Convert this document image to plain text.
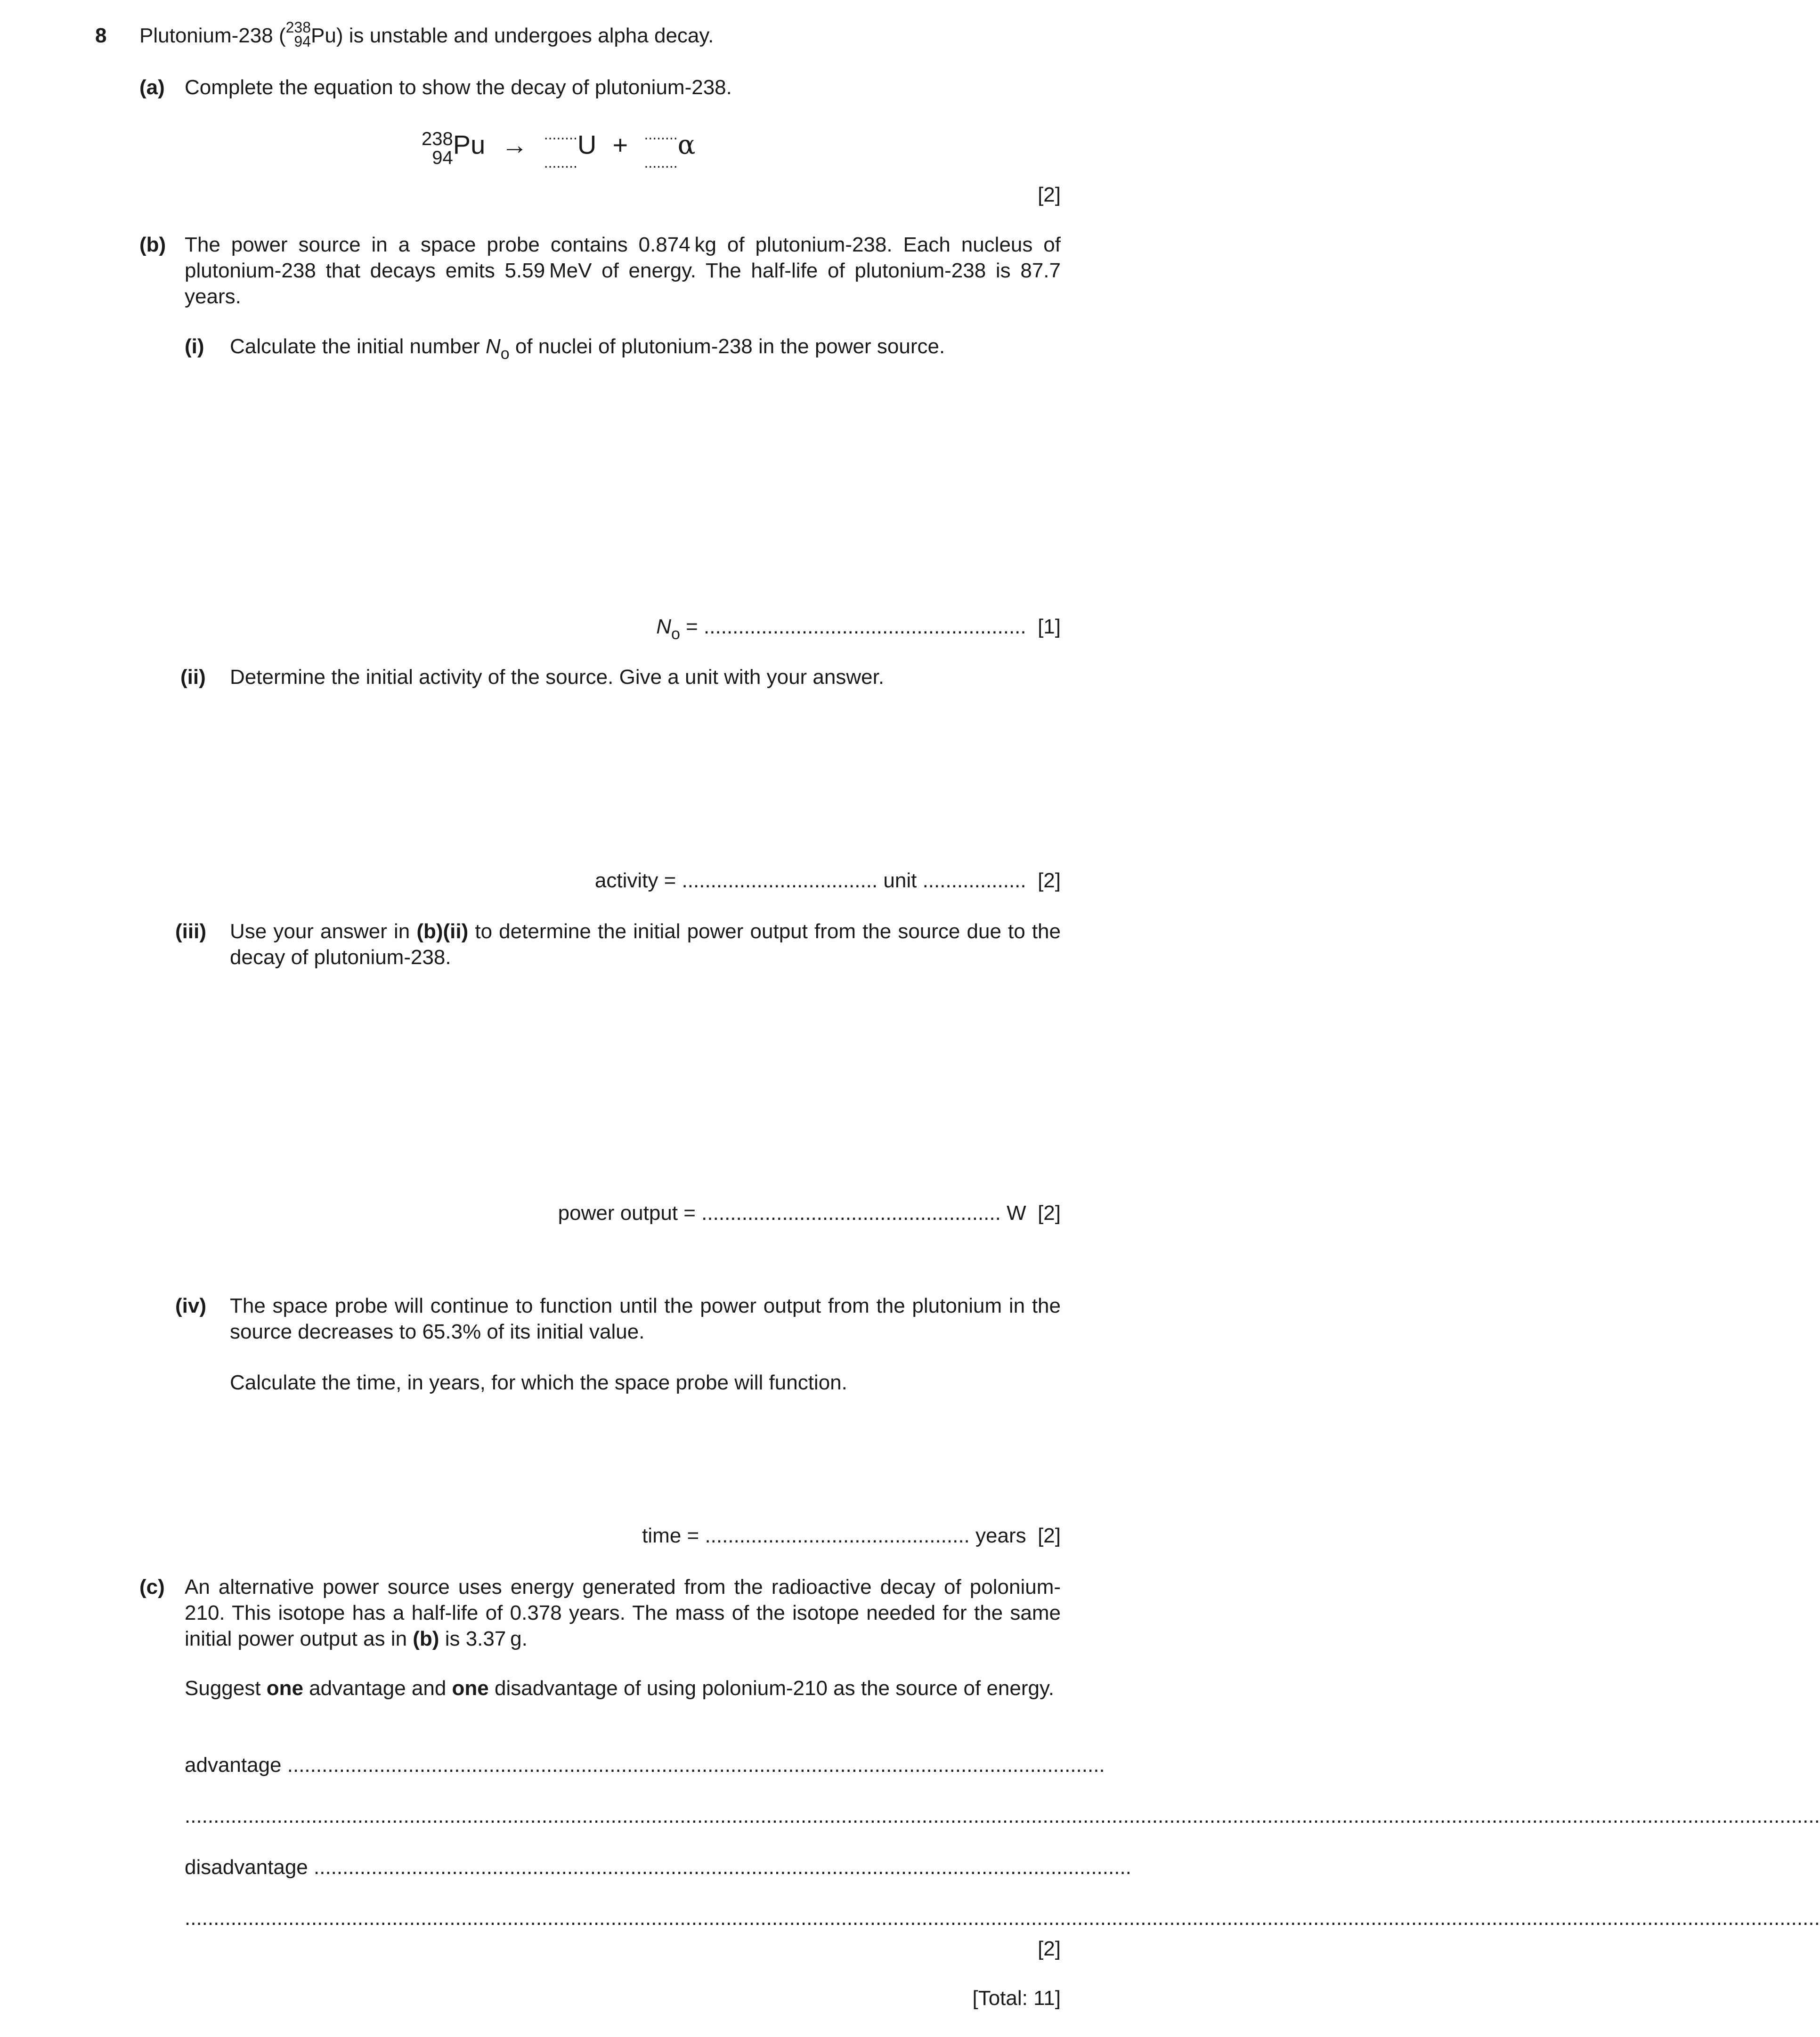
8 Plutonium-238 ( 238
94 Pu) is unstable and undergoes alpha decay.
(a) Complete the equation to show the decay of plutonium-238.
238
94 Pu → ........
........
U + ........
........
α
[2]
(b) The power source in a space probe contains 0.874 kg of plutonium-238. Each nucleus of plutonium-238 that decays emits 5.59 MeV of energy. The half-life of plutonium-238 is 87.7 years.
(i) Calculate the initial number $N_o$ of nuclei of plutonium-238 in the power source.
$N_o$ = ........................................................ [1]
(ii) Determine the initial activity of the source. Give a unit with your answer.
activity = .................................. unit .................. [2]
(iii) Use your answer in (b)(ii) to determine the initial power output from the source due to the decay of plutonium-238.
power output = .................................................... W [2]
(iv) The space probe will continue to function until the power output from the plutonium in the source decreases to 65.3% of its initial value.
Calculate the time, in years, for which the space probe will function.
time = .............................................. years [2]
(c) An alternative power source uses energy generated from the radioactive decay of polonium-210. This isotope has a half-life of 0.378 years. The mass of the isotope needed for the same initial power output as in (b) is 3.37 g.
Suggest one advantage and one disadvantage of using polonium-210 as the source of energy.
advantage ..............................................................................................................................................
............................................................................................................................................................................................................................................................................................
disadvantage ..............................................................................................................................................
............................................................................................................................................................................................................................................................................................
[2]
[Total: 11]
